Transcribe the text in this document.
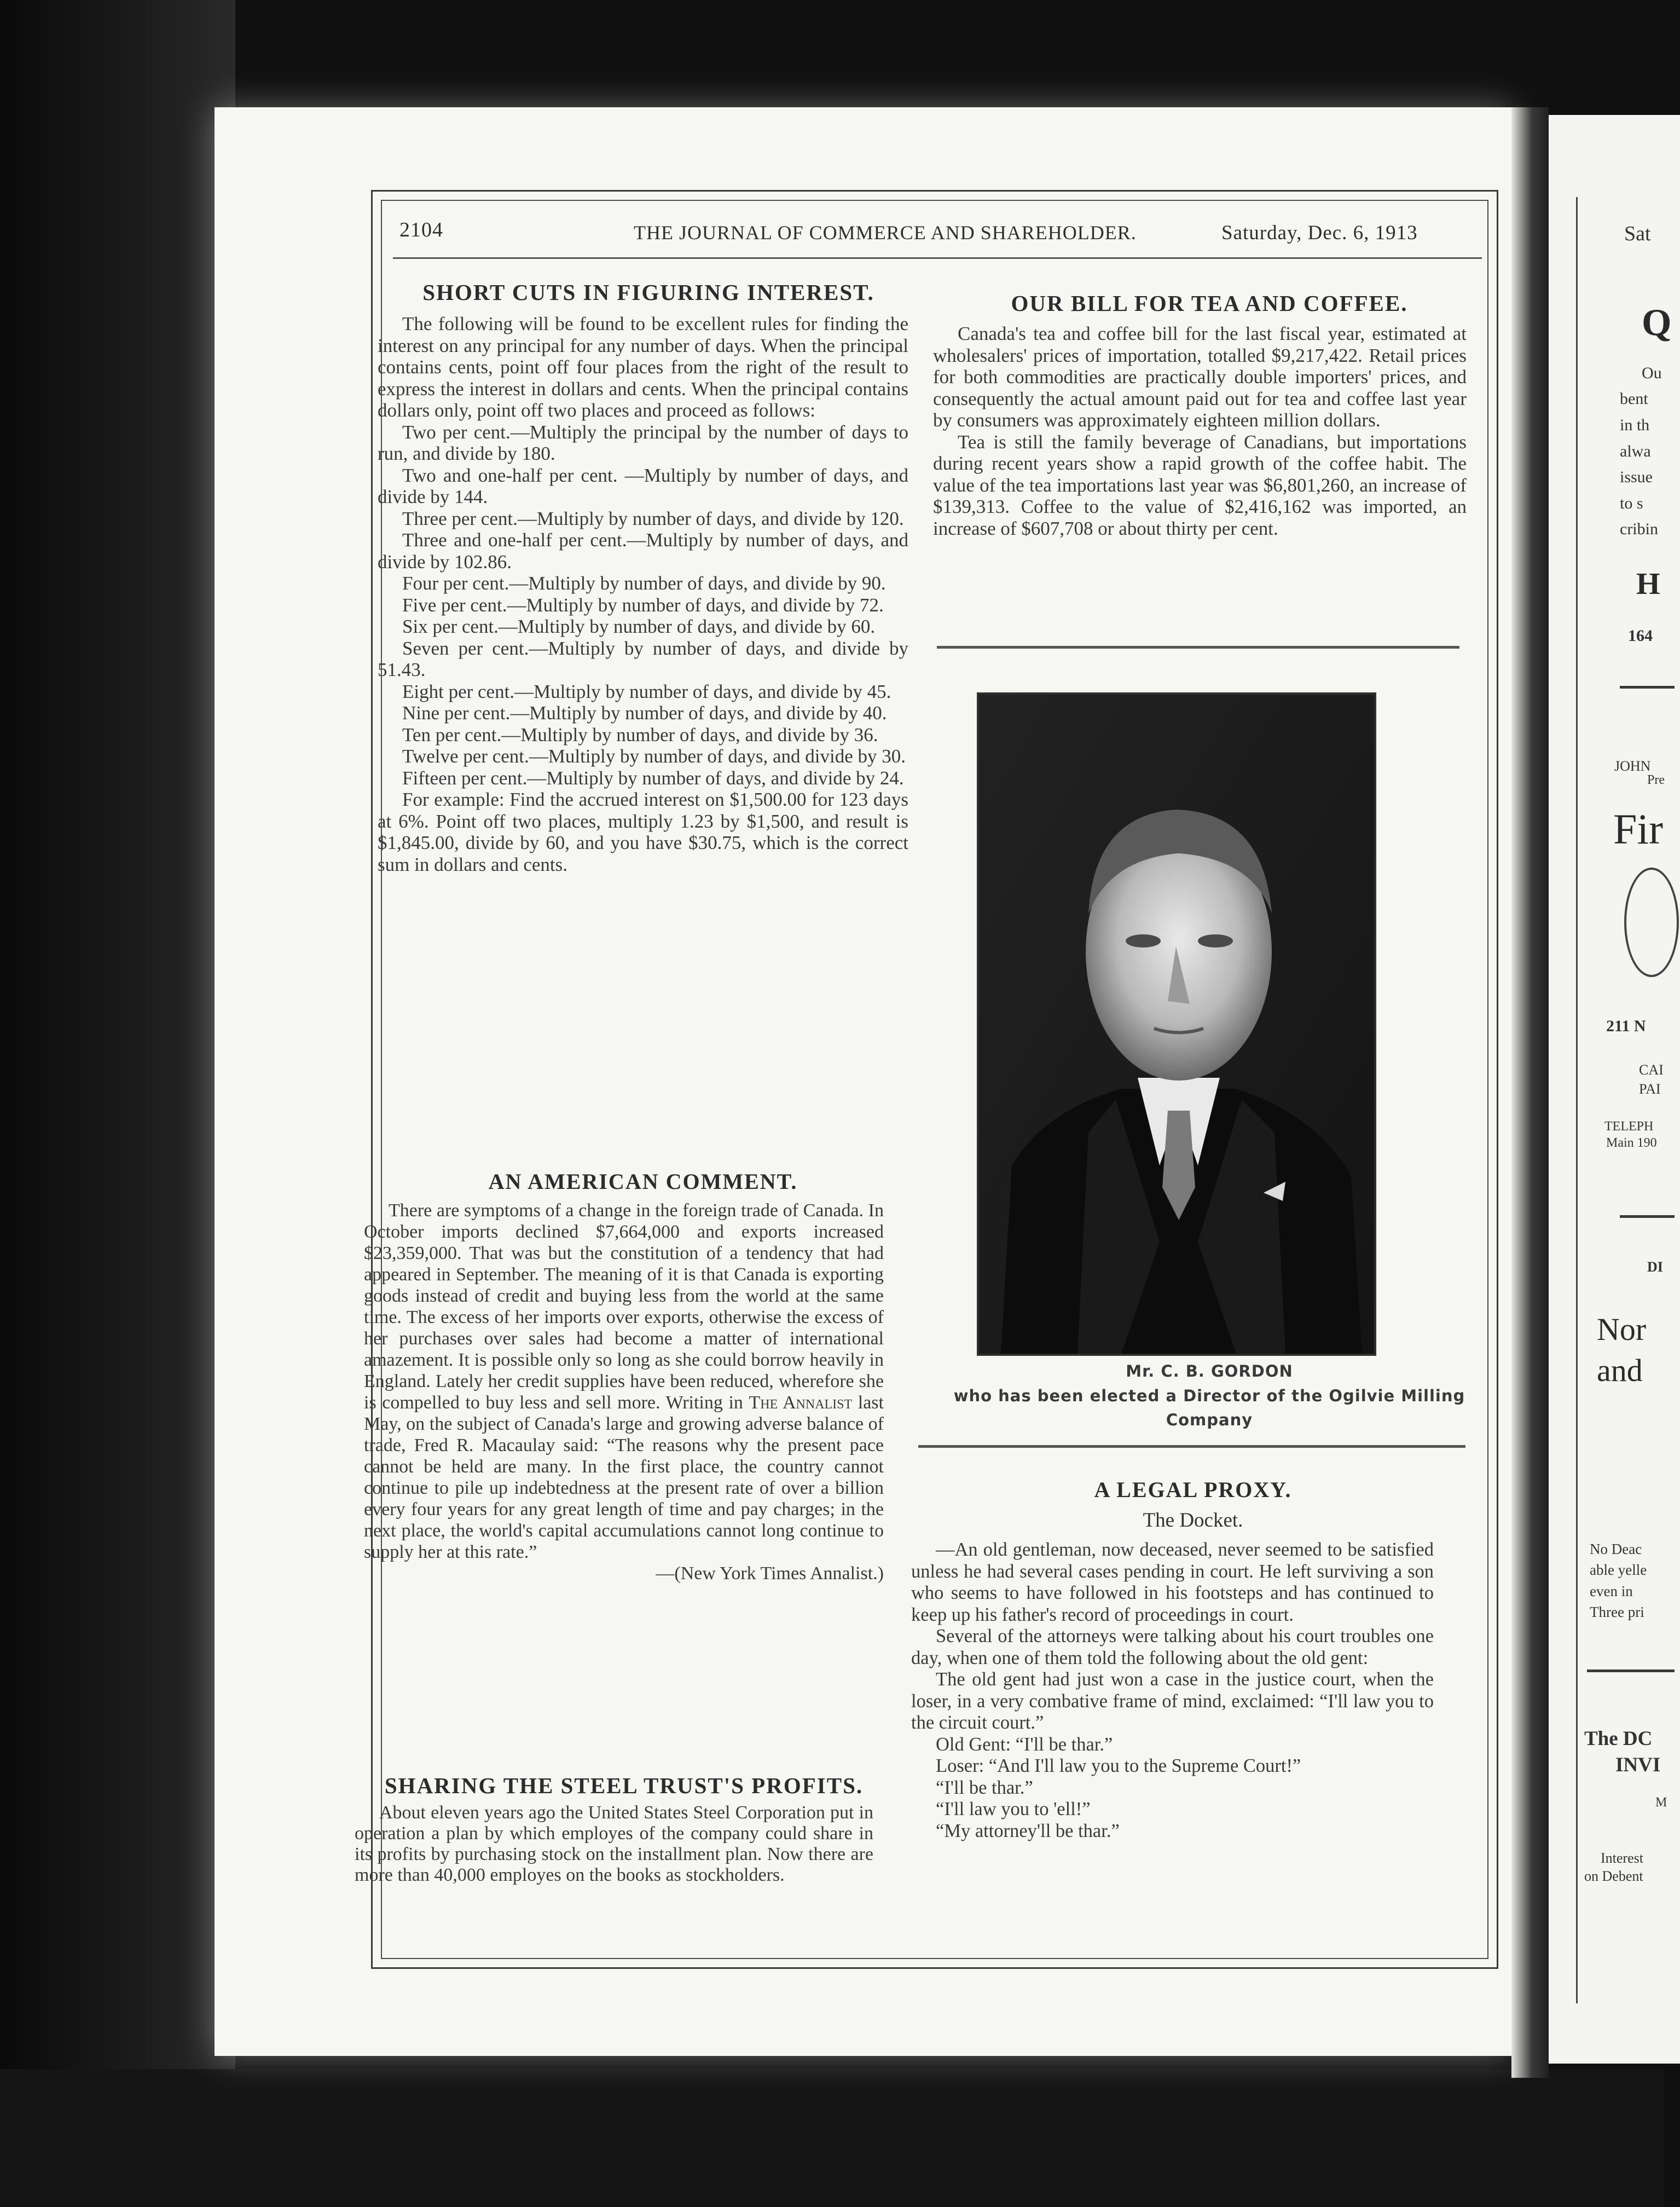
2104	THE JOURNAL OF COMMERCE AND SHAREHOLDER.	Saturday, Dec. 6, 1913
SHORT CUTS IN FIGURING INTEREST.

The following will be found to be excellent rules for finding the interest on any principal for any number of days. When the principal contains cents, point off four places from the right of the result to express the interest in dollars and cents. When the principal contains dollars only, point off two places and proceed as follows:

Two per cent.—Multiply the principal by the number of days to run, and divide by 180.

Two and one-half per cent. —Multiply by number of days, and divide by 144.

Three per cent.—Multiply by number of days, and divide by 120.

Three and one-half per cent.—Multiply by number of days, and divide by 102.86.

Four per cent.—Multiply by number of days, and divide by 90.

Five per cent.—Multiply by number of days, and divide by 72.

Six per cent.—Multiply by number of days, and divide by 60.

Seven per cent.—Multiply by number of days, and divide by 51.43.

Eight per cent.—Multiply by number of days, and divide by 45.

Nine per cent.—Multiply by number of days, and divide by 40.

Ten per cent.—Multiply by number of days, and divide by 36.

Twelve per cent.—Multiply by number of days, and divide by 30.

Fifteen per cent.—Multiply by number of days, and divide by 24.

For example: Find the accrued interest on $1,500.00 for 123 days at 6%. Point off two places, multiply 1.23 by $1,500, and result is $1,845.00, divide by 60, and you have $30.75, which is the correct sum in dollars and cents.

AN AMERICAN COMMENT.

There are symptoms of a change in the foreign trade of Canada. In October imports declined $7,664,000 and exports increased $23,359,000. That was but the constitution of a tendency that had appeared in September. The meaning of it is that Canada is exporting goods instead of credit and buying less from the world at the same time. The excess of her imports over exports, otherwise the excess of her purchases over sales had become a matter of international amazement. It is possible only so long as she could borrow heavily in England. Lately her credit supplies have been reduced, wherefore she is compelled to buy less and sell more. Writing in The Annalist last May, on the subject of Canada's large and growing adverse balance of trade, Fred R. Macaulay said: “The reasons why the present pace cannot be held are many. In the first place, the country cannot continue to pile up indebtedness at the present rate of over a billion every four years for any great length of time and pay charges; in the next place, the world's capital accumulations cannot long continue to supply her at this rate.”

—(New York Times Annalist.)

SHARING THE STEEL TRUST'S PROFITS.

About eleven years ago the United States Steel Corporation put in operation a plan by which employes of the company could share in its profits by purchasing stock on the installment plan. Now there are more than 40,000 employes on the books as stockholders.

OUR BILL FOR TEA AND COFFEE.

Canada's tea and coffee bill for the last fiscal year, estimated at wholesalers' prices of importation, totalled $9,217,422. Retail prices for both commodities are practically double importers' prices, and consequently the actual amount paid out for tea and coffee last year by consumers was approximately eighteen million dollars.

Tea is still the family beverage of Canadians, but importations during recent years show a rapid growth of the coffee habit. The value of the tea importations last year was $6,801,260, an increase of $139,313. Coffee to the value of $2,416,162 was imported, an increase of $607,708 or about thirty per cent.

Mr. C. B. GORDON
who has been elected a Director of the Ogilvie Milling Company
A LEGAL PROXY.
The Docket.

—An old gentleman, now deceased, never seemed to be satisfied unless he had several cases pending in court. He left surviving a son who seems to have followed in his footsteps and has continued to keep up his father's record of proceedings in court.

Several of the attorneys were talking about his court troubles one day, when one of them told the following about the old gent:

The old gent had just won a case in the justice court, when the loser, in a very combative frame of mind, exclaimed: “I'll law you to the circuit court.”

Old Gent: “I'll be thar.”

Loser: “And I'll law you to the Supreme Court!”

“I'll be thar.”

“I'll law you to 'ell!”

“My attorney'll be thar.”

Sat
Q
Ou
bent
in th
alwa
issue
to s
cribin
H
164
JOHN
Pre
Fir
211 N
CAI
PAI
TELEPH
Main 190
DI
Nor
and
No Deac
able yelle
even in
Three pri
The DC
INVI
M
Interest
on Debent
